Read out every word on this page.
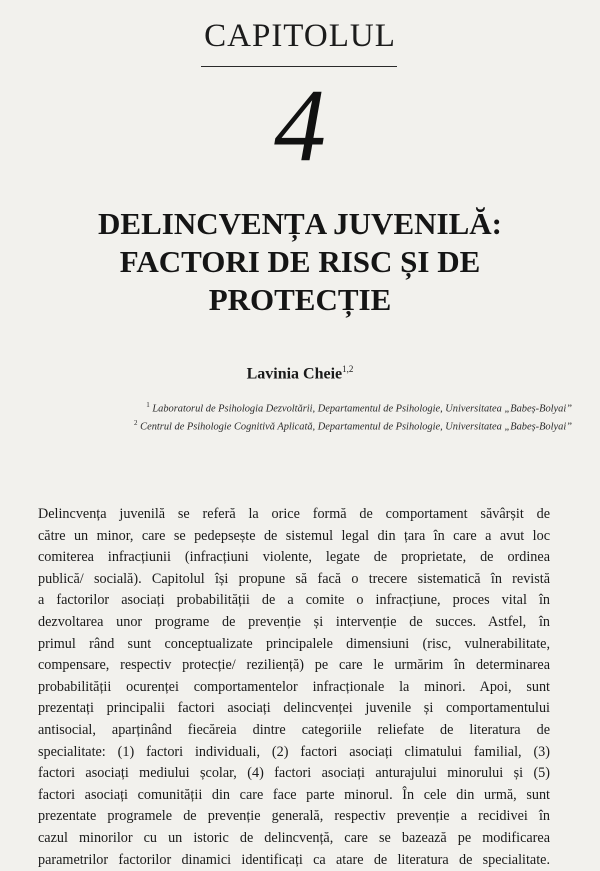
CAPITOLUL
4
DELINCVENȚA JUVENILĂ:
FACTORI DE RISC ȘI DE
PROTECȚIE
Lavinia Cheie$^{1,2}$
$^1$ Laboratorul de Psihologia Dezvoltării, Departamentul de Psihologie, Universitatea „Babeș-Bolyai”
$^2$ Centrul de Psihologie Cognitivă Aplicată, Departamentul de Psihologie, Universitatea „Babeș-Bolyai”
Delincvența juvenilă se referă la orice formă de comportament săvârșit de
către un minor, care se pedepsește de sistemul legal din țara în care a avut loc
comiterea infracțiunii (infracțiuni violente, legate de proprietate, de ordinea
publică/ socială). Capitolul își propune să facă o trecere sistematică în revistă
a factorilor asociați probabilității de a comite o infracțiune, proces vital în
dezvoltarea unor programe de prevenție și intervenție de succes. Astfel, în
primul rând sunt conceptualizate principalele dimensiuni (risc, vulnerabilitate,
compensare, respectiv protecție/ reziliență) pe care le urmărim în determinarea
probabilității ocurenței comportamentelor infracționale la minori. Apoi, sunt
prezentați principalii factori asociați delincvenței juvenile și comportamentului
antisocial, aparținând fiecăreia dintre categoriile reliefate de literatura de
specialitate: (1) factori individuali, (2) factori asociați climatului familial, (3)
factori asociați mediului școlar, (4) factori asociați anturajului minorului și (5)
factori asociați comunității din care face parte minorul. În cele din urmă, sunt
prezentate programele de prevenție generală, respectiv prevenție a recidivei în
cazul minorilor cu un istoric de delincvență, care se bazează pe modificarea
parametrilor factorilor dinamici identificați ca atare de literatura de specialitate.
